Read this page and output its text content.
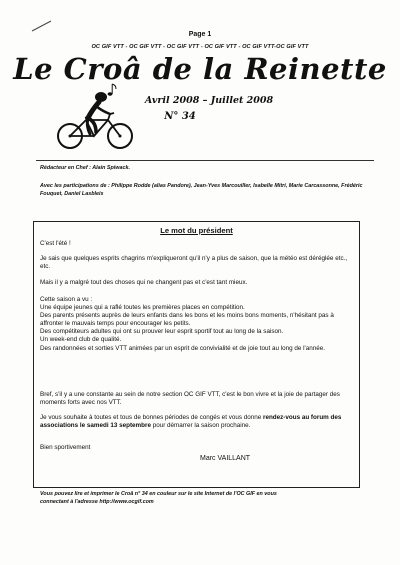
Page 1
OC GIF VTT - OC GIF VTT - OC GIF VTT - OC GIF VTT - OC GIF VTT-OC GIF VTT
Le Croâ de la Reinette
Avril 2008 – Juillet 2008
N° 34
Rédacteur en Chef : Alain Spiwack.
Avec les participations de : Philippe Rodde (alias Pandore), Jean-Yves Marcouiller, Isabelle Mitri, Marie Carcassonne, Frédéric Fouquet, Daniel Lasbleis
Le mot du président
C'est l'été !
Je sais que quelques esprits chagrins m'expliqueront qu'il n'y a plus de saison, que la météo est déréglée etc., etc.
Mais il y a malgré tout des choses qui ne changent pas et c'est tant mieux.
Cette saison a vu :
Une équipe jeunes qui a raflé toutes les premières places en compétition.
Des parents présents auprès de leurs enfants dans les bons et les moins bons moments, n'hésitant pas à affronter le mauvais temps pour encourager les petits.
Des compétiteurs adultes qui ont su prouver leur esprit sportif tout au long de la saison.
Un week-end club de qualité.
Des randonnées et sorties VTT animées par un esprit de convivialité et de joie tout au long de l'année.
Bref, s'il y a une constante au sein de notre section OC GIF VTT, c'est le bon vivre et la joie de partager des moments forts avec nos VTT.
Je vous souhaite à toutes et tous de bonnes périodes de congés et vous donne rendez-vous au forum des associations le samedi 13 septembre pour démarrer la saison prochaine.
Bien sportivement
Marc VAILLANT
Vous pouvez lire et imprimer le Croâ n° 34 en couleur sur le site Internet de l'OC GIF en vous
connectant à l'adresse http://www.ocgif.com
